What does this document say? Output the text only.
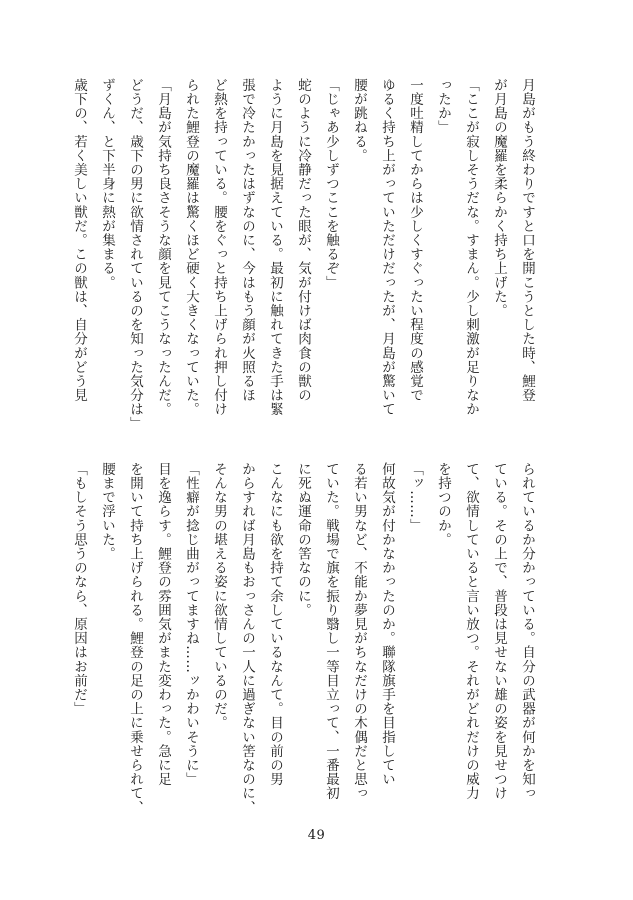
月島がもう終わりですと口を開こうとした時、鯉登
が月島の魔羅を柔らかく持ち上げた。
「ここが寂しそうだな。すまん。少し刺激が足りなか
ったか」
一度吐精してからは少しくすぐったい程度の感覚で
ゆるく持ち上がっていただけだったが、月島が驚いて
腰が跳ねる。
「じゃあ少しずつここを触るぞ」
蛇のように冷静だった眼が、気が付けば肉食の獣の
ように月島を見据えている。最初に触れてきた手は緊
張で冷たかったはずなのに、今はもう顔が火照るほ
ど熱を持っている。腰をぐっと持ち上げられ押し付け
られた鯉登の魔羅は驚くほど硬く大きくなっていた。
「月島が気持ち良さそうな顔を見てこうなったんだ。
どうだ、歳下の男に欲情されているのを知った気分は」
ずくん、と下半身に熱が集まる。
歳下の、若く美しい獣だ。この獣は、自分がどう見
られているか分かっている。自分の武器が何かを知っ
ている。その上で、普段は見せない雄の姿を見せつけ
て、欲情していると言い放つ。それがどれだけの威力
を持つのか。
「ッ……」
何故気が付かなかったのか。聯隊旗手を目指してい
る若い男など、不能か夢見がちなだけの木偶だと思っ
ていた。戦場で旗を振り翳し一等目立って、一番最初
に死ぬ運命の筈なのに。
こんなにも欲を持て余しているなんて。目の前の男
からすれば月島もおっさんの一人に過ぎない筈なのに、
そんな男の堪える姿に欲情しているのだ。
「性癖が捻じ曲がってますね……ッかわいそうに」
目を逸らす。鯉登の雰囲気がまた変わった。急に足
を開いて持ち上げられる。鯉登の足の上に乗せられて、
腰まで浮いた。
「もしそう思うのなら、原因はお前だ」
49
